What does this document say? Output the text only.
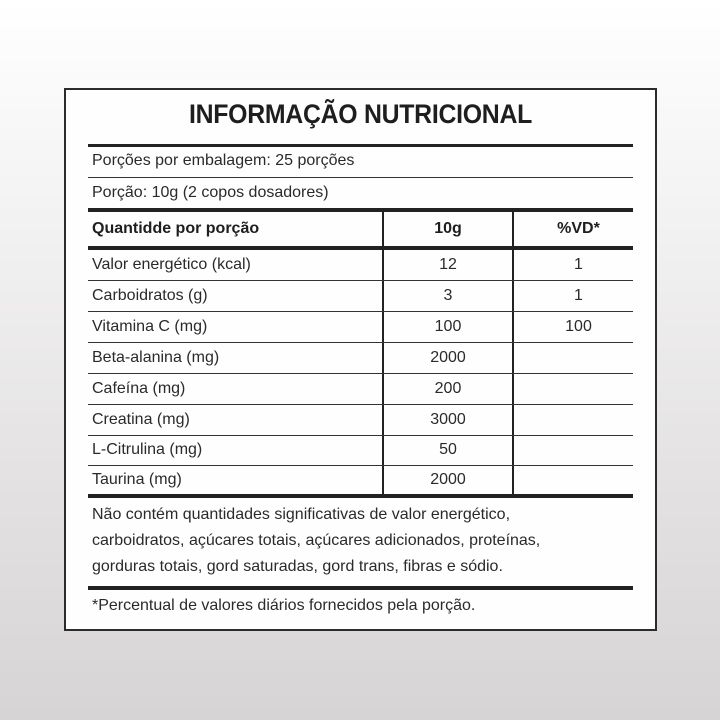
INFORMAÇÃO NUTRICIONAL
Porções por embalagem: 25 porções
Porção: 10g (2 copos dosadores)
Quantidde por porção	10g	%VD*
Valor energético (kcal)	12	1
Carboidratos (g)	3	1
Vitamina C (mg)	100	100
Beta-alanina (mg)	2000
Cafeína (mg)	200
Creatina (mg)	3000
L-Citrulina (mg)	50
Taurina (mg)	2000
Não contém quantidades significativas de valor energético,
carboidratos, açúcares totais, açúcares adicionados, proteínas,
gorduras totais, gord saturadas, gord trans, fibras e sódio.
*Percentual de valores diários fornecidos pela porção.
